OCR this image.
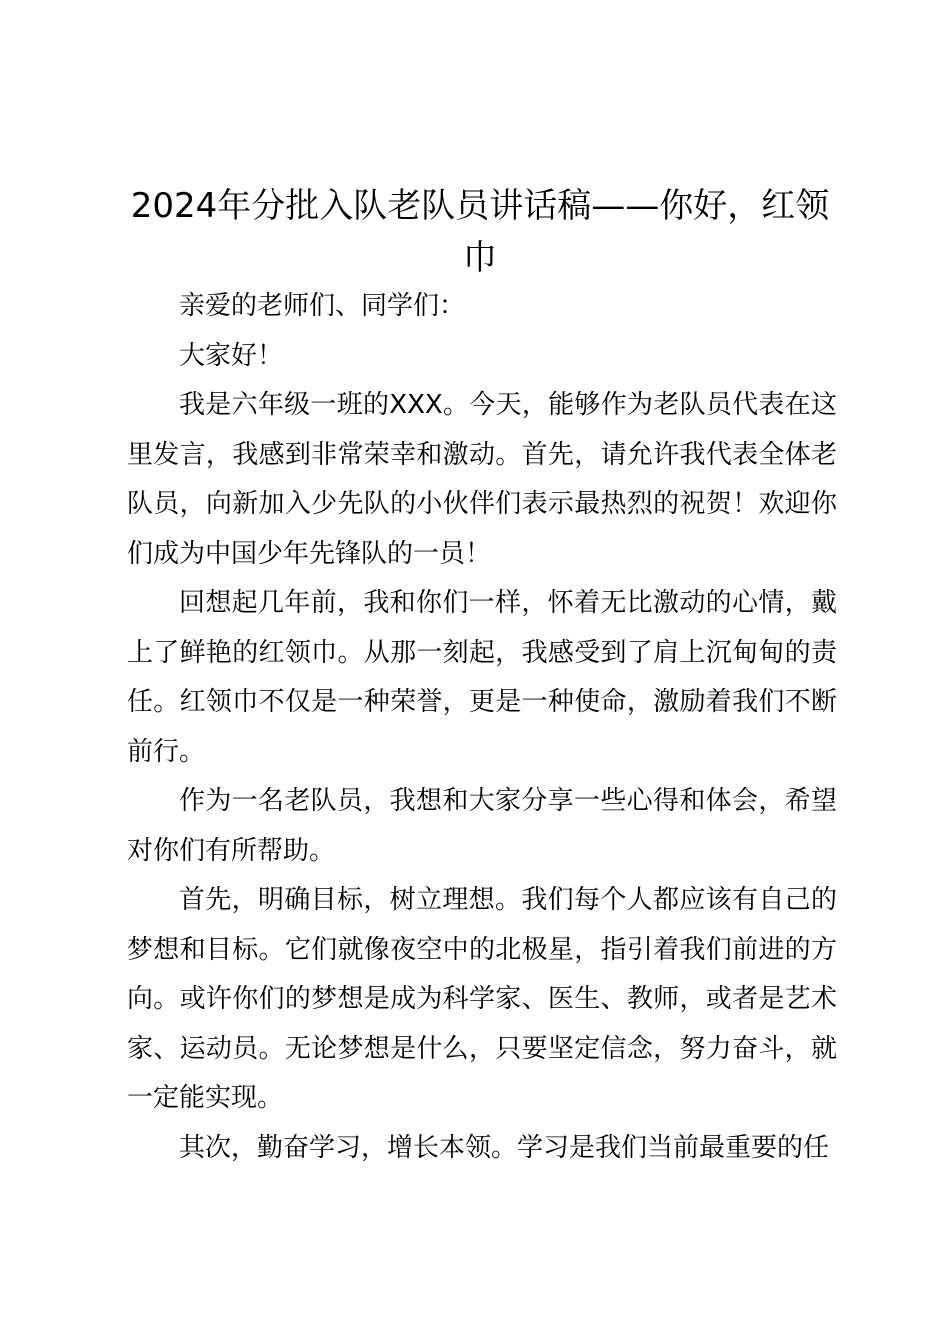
2024年分批入队老队员讲话稿——你好，红领巾

亲爱的老师们、同学们：

大家好！

我是六年级一班的XXX。今天，能够作为老队员代表在这里发言，我感到非常荣幸和激动。首先，请允许我代表全体老队员，向新加入少先队的小伙伴们表示最热烈的祝贺！欢迎你们成为中国少年先锋队的一员！

回想起几年前，我和你们一样，怀着无比激动的心情，戴上了鲜艳的红领巾。从那一刻起，我感受到了肩上沉甸甸的责任。红领巾不仅是一种荣誉，更是一种使命，激励着我们不断前行。

作为一名老队员，我想和大家分享一些心得和体会，希望对你们有所帮助。

首先，明确目标，树立理想。我们每个人都应该有自己的梦想和目标。它们就像夜空中的北极星，指引着我们前进的方向。或许你们的梦想是成为科学家、医生、教师，或者是艺术家、运动员。无论梦想是什么，只要坚定信念，努力奋斗，就一定能实现。

其次，勤奋学习，增长本领。学习是我们当前最重要的任
